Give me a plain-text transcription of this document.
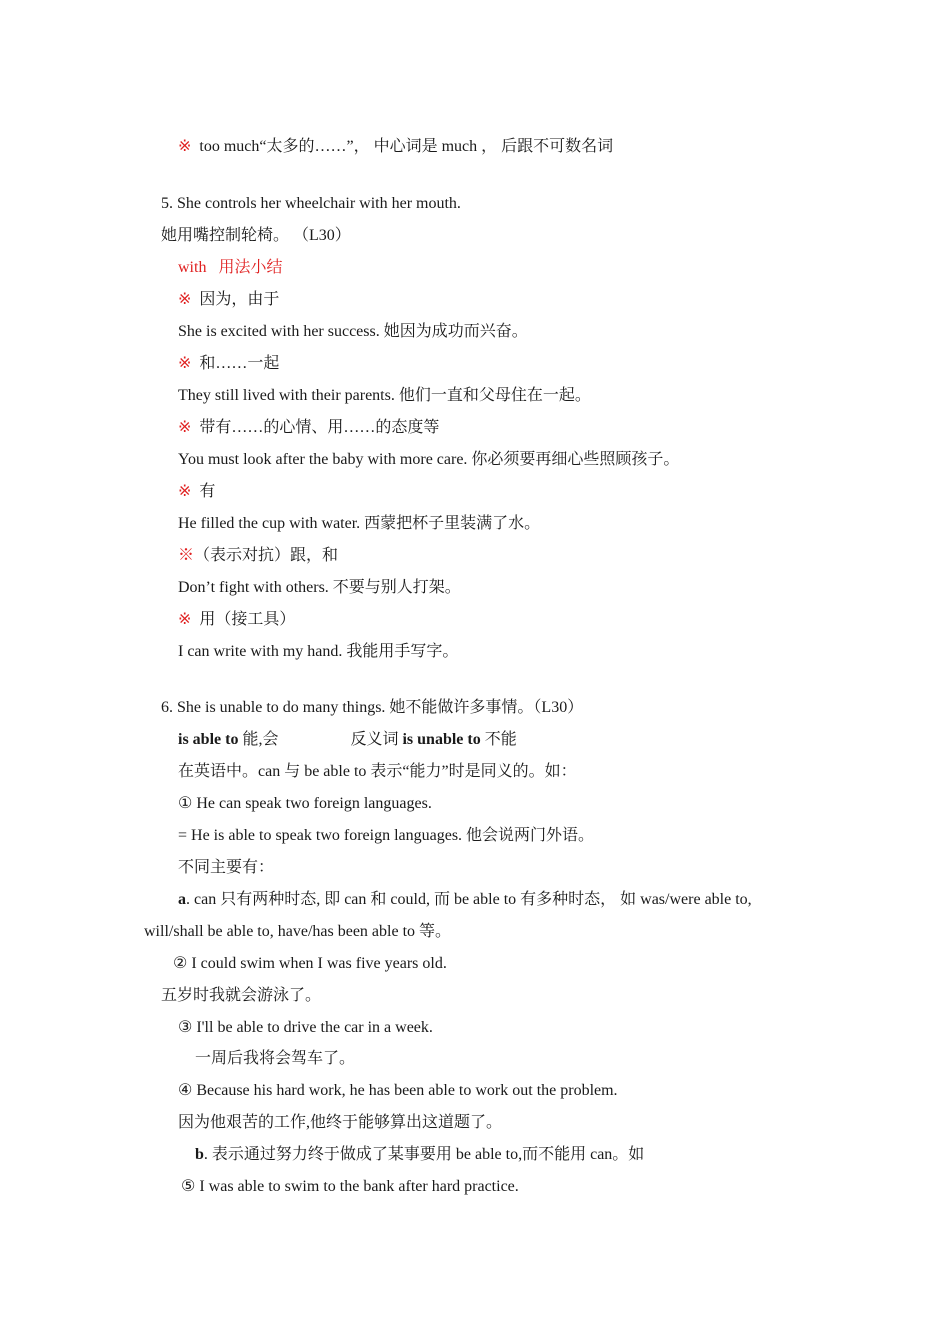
※ too much“太多的……”， 中心词是 much ， 后跟不可数名词
5. She controls her wheelchair with her mouth.
她用嘴控制轮椅。 （L30）
with 用法小结
※ 因为，由于
She is excited with her success. 她因为成功而兴奋。
※ 和……一起
They still lived with their parents. 他们一直和父母住在一起。
※ 带有……的心情、用……的态度等
You must look after the baby with more care. 你必须要再细心些照顾孩子。
※ 有
He filled the cup with water. 西蒙把杯子里装满了水。
※（表示对抗）跟，和
Don’t fight with others. 不要与别人打架。
※ 用（接工具）
I can write with my hand. 我能用手写字。
6. She is unable to do many things. 她不能做许多事情。（L30）
is able to 能,会	反义词 is unable to 不能
在英语中。can 与 be able to 表示“能力”时是同义的。如：
① He can speak two foreign languages.
= He is able to speak two foreign languages. 他会说两门外语。
不同主要有：
a. can 只有两种时态, 即 can 和 could, 而 be able to 有多种时态， 如 was/were able to,
will/shall be able to, have/has been able to 等。
② I could swim when I was five years old.
五岁时我就会游泳了。
③ I'll be able to drive the car in a week.
一周后我将会驾车了。
④ Because his hard work, he has been able to work out the problem.
因为他艰苦的工作,他终于能够算出这道题了。
b. 表示通过努力终于做成了某事要用 be able to,而不能用 can。如
⑤ I was able to swim to the bank after hard practice.
